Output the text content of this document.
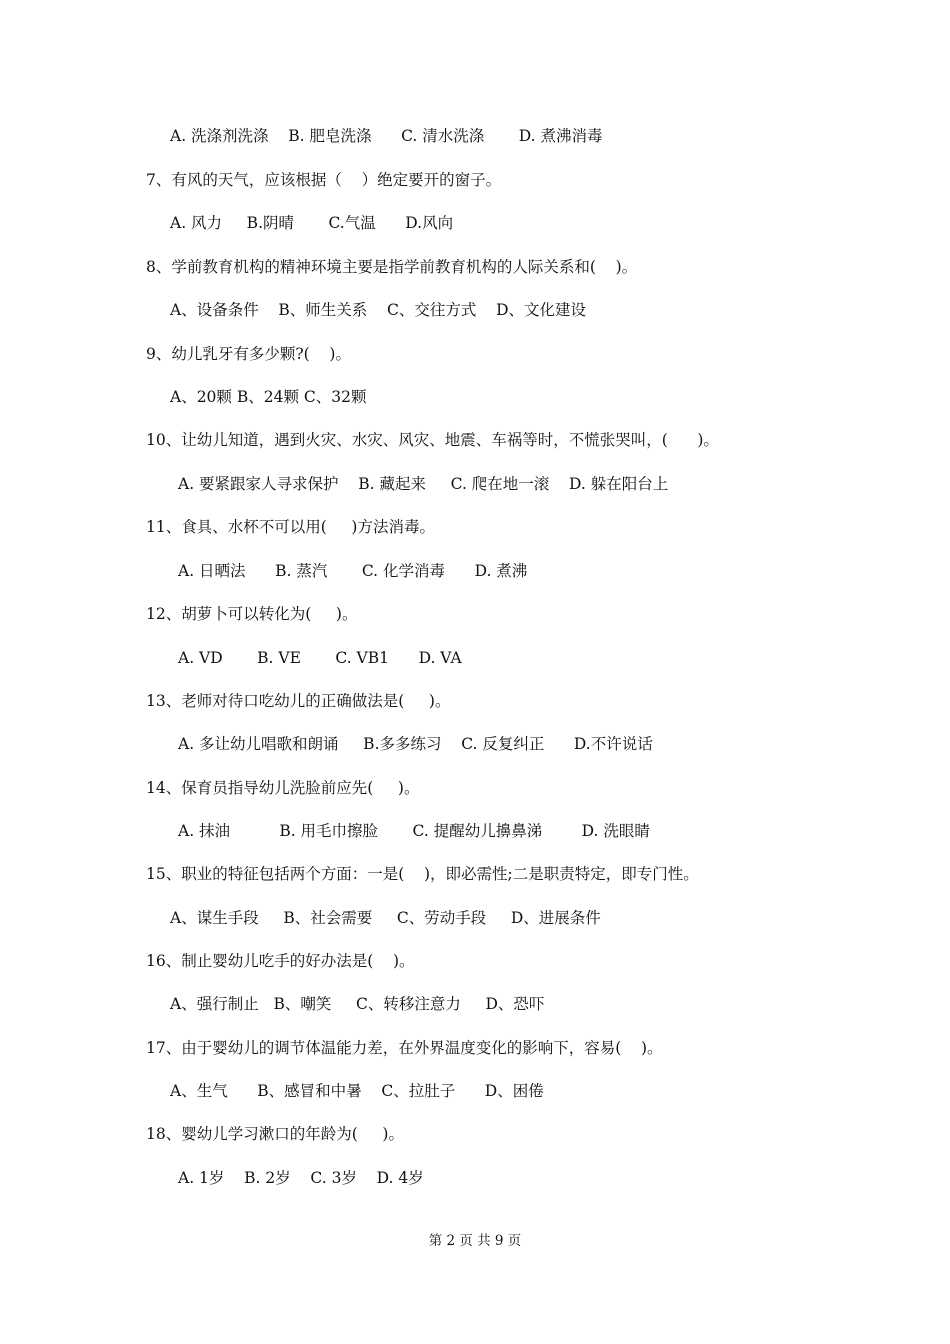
A. 洗涤剂洗涤    B. 肥皂洗涤      C. 清水洗涤       D. 煮沸消毒
7、有风的天气，应该根据（    ）绝定要开的窗子。
A. 风力     B.阴晴       C.气温      D.风向
8、学前教育机构的精神环境主要是指学前教育机构的人际关系和(    )。
A、设备条件    B、师生关系    C、交往方式    D、文化建设
9、幼儿乳牙有多少颗?(    )。
A、20颗 B、24颗 C、32颗
10、让幼儿知道，遇到火灾、水灾、风灾、地震、车祸等时，不慌张哭叫，(      )。
A. 要紧跟家人寻求保护    B. 藏起来     C. 爬在地一滚    D. 躲在阳台上
11、食具、水杯不可以用(     )方法消毒。
A. 日晒法      B. 蒸汽       C. 化学消毒      D. 煮沸
12、胡萝卜可以转化为(     )。
A. VD       B. VE       C. VB1      D. VA
13、老师对待口吃幼儿的正确做法是(     )。
A. 多让幼儿唱歌和朗诵     B.多多练习    C. 反复纠正      D.不许说话
14、保育员指导幼儿洗脸前应先(     )。
A. 抹油          B. 用毛巾擦脸       C. 提醒幼儿擤鼻涕        D. 洗眼睛
15、职业的特征包括两个方面：一是(    )，即必需性;二是职责特定，即专门性。
A、谋生手段     B、社会需要     C、劳动手段     D、进展条件
16、制止婴幼儿吃手的好办法是(    )。
A、强行制止   B、嘲笑     C、转移注意力     D、恐吓
17、由于婴幼儿的调节体温能力差，在外界温度变化的影响下，容易(    )。
A、生气      B、感冒和中暑    C、拉肚子      D、困倦
18、婴幼儿学习漱口的年龄为(     )。
A. 1岁    B. 2岁    C. 3岁    D. 4岁
第 2 页 共 9 页
